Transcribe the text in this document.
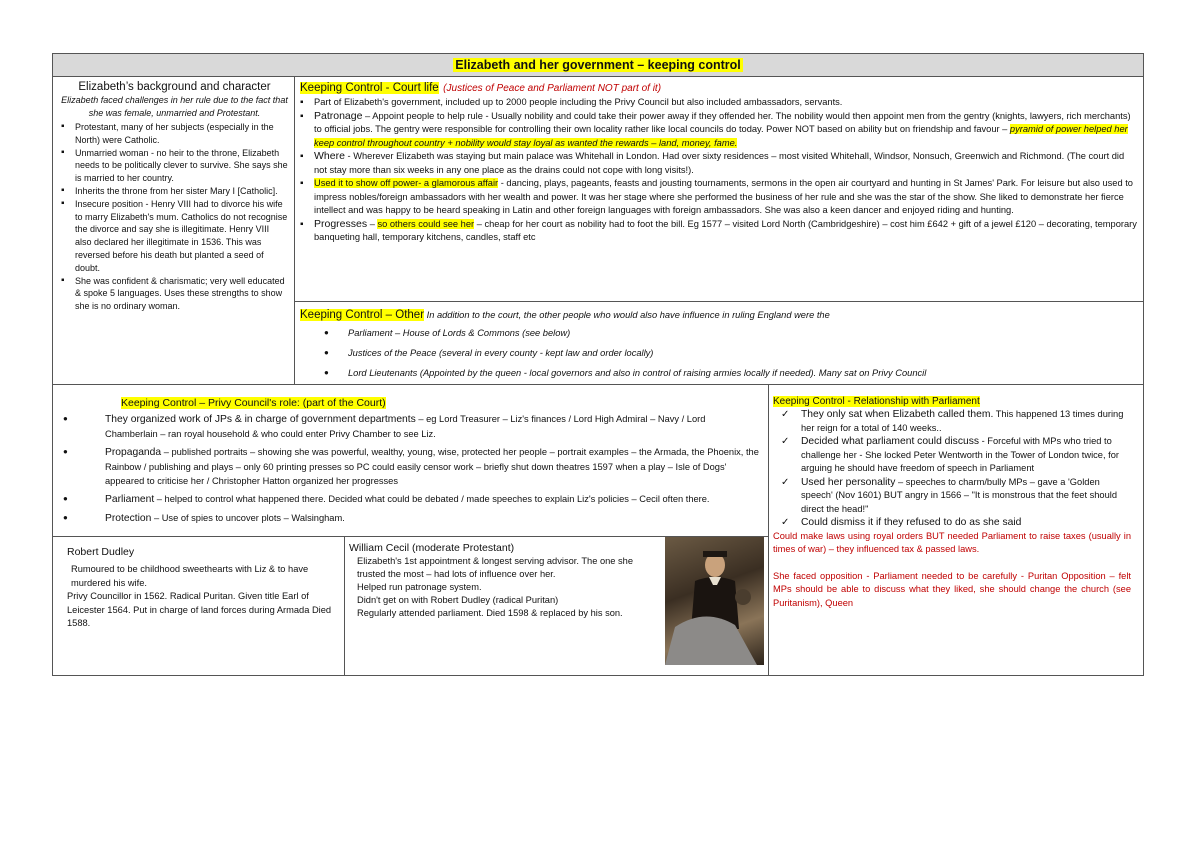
Elizabeth and her government – keeping control
Elizabeth’s background and character
Elizabeth faced challenges in her rule due to the fact that she was female, unmarried and Protestant.
▪ Protestant, many of her subjects (especially in the North) were Catholic.
▪ Unmarried woman - no heir to the throne, Elizabeth needs to be politically clever to survive. She says she is married to her country.
▪ Inherits the throne from her sister Mary I [Catholic].
▪ Insecure position - Henry VIII had to divorce his wife to marry Elizabeth's mum. Catholics do not recognise the divorce and say she is illegitimate. Henry VIII also declared her illegitimate in 1536. This was reversed before his death but planted a seed of doubt.
▪ She was confident & charismatic; very well educated & spoke 5 languages. Uses these strengths to show she is no ordinary woman.
Keeping Control - Court life (Justices of Peace and Parliament NOT part of it)
▪ Part of Elizabeth's government, included up to 2000 people including the Privy Council but also included ambassadors, servants.
▪ Patronage – Appoint people to help rule - Usually nobility and could take their power away if they offended her. The nobility would then appoint men from the gentry (knights, lawyers, rich merchants) to official jobs. The gentry were responsible for controlling their own locality rather like local councils do today. Power NOT based on ability but on friendship and favour – pyramid of power helped her keep control throughout country + nobility would stay loyal as wanted the rewards – land, money, fame.
▪ Where - Wherever Elizabeth was staying but main palace was Whitehall in London. Had over sixty residences – most visited Whitehall, Windsor, Nonsuch, Greenwich and Richmond. (The court did not stay more than six weeks in any one place as the drains could not cope with long visits!).
▪ Used it to show off power- a glamorous affair - dancing, plays, pageants, feasts and jousting tournaments, sermons in the open air courtyard and hunting in St James' Park. For leisure but also used to impress nobles/foreign ambassadors with her wealth and power. It was her stage where she performed the business of her rule and she was the star of the show. She liked to demonstrate her fierce intellect and was happy to be heard speaking in Latin and other foreign languages with foreign ambassadors. She was also a keen dancer and enjoyed riding and hunting.
▪ Progresses – so others could see her – cheap for her court as nobility had to foot the bill. Eg 1577 – visited Lord North (Cambridgeshire) – cost him £642 + gift of a jewel £120 – decorating, temporary banqueting hall, temporary kitchens, candles, staff etc
Keeping Control – Other In addition to the court, the other people who would also have influence in ruling England were the
● Parliament – House of Lords & Commons (see below)
● Justices of the Peace (several in every county - kept law and order locally)
● Lord Lieutenants (Appointed by the queen - local governors and also in control of raising armies locally if needed). Many sat on Privy Council
Keeping Control – Privy Council's role: (part of the Court)
● They organized work of JPs & in charge of government departments – eg Lord Treasurer – Liz's finances / Lord High Admiral – Navy / Lord Chamberlain – ran royal household & who could enter Privy Chamber to see Liz.
● Propaganda – published portraits – showing she was powerful, wealthy, young, wise, protected her people – portrait examples – the Armada, the Phoenix, the Rainbow / publishing and plays – only 60 printing presses so PC could easily censor work – briefly shut down theatres 1597 when a play – Isle of Dogs' appeared to criticise her / Christopher Hatton organized her progresses
● Parliament – helped to control what happened there. Decided what could be debated / made speeches to explain Liz's policies – Cecil often there.
● Protection – Use of spies to uncover plots – Walsingham.
Keeping Control - Relationship with Parliament
✓ They only sat when Elizabeth called them. This happened 13 times during her reign for a total of 140 weeks..
✓ Decided what parliament could discuss - Forceful with MPs who tried to challenge her - She locked Peter Wentworth in the Tower of London twice, for arguing he should have freedom of speech in Parliament
✓ Used her personality – speeches to charm/bully MPs – gave a 'Golden speech' (Nov 1601) BUT angry in 1566 – "It is monstrous that the feet should direct the head!"
✓ Could dismiss it if they refused to do as she said
Could make laws using royal orders BUT needed Parliament to raise taxes (usually in times of war) – they influenced tax & passed laws.
She faced opposition - Parliament needed to be carefully - Puritan Opposition – felt MPs should be able to discuss what they liked, she should change the church (see Puritanism), Queen
Robert Dudley
Rumoured to be childhood sweethearts with Liz & to have murdered his wife.
Privy Councillor in 1562. Radical Puritan. Given title Earl of Leicester 1564. Put in charge of land forces during Armada Died 1588.
William Cecil (moderate Protestant)
Elizabeth's 1st appointment & longest serving advisor. The one she trusted the most – had lots of influence over her.
Helped run patronage system.
Didn't get on with Robert Dudley (radical Puritan)
Regularly attended parliament. Died 1598 & replaced by his son.
